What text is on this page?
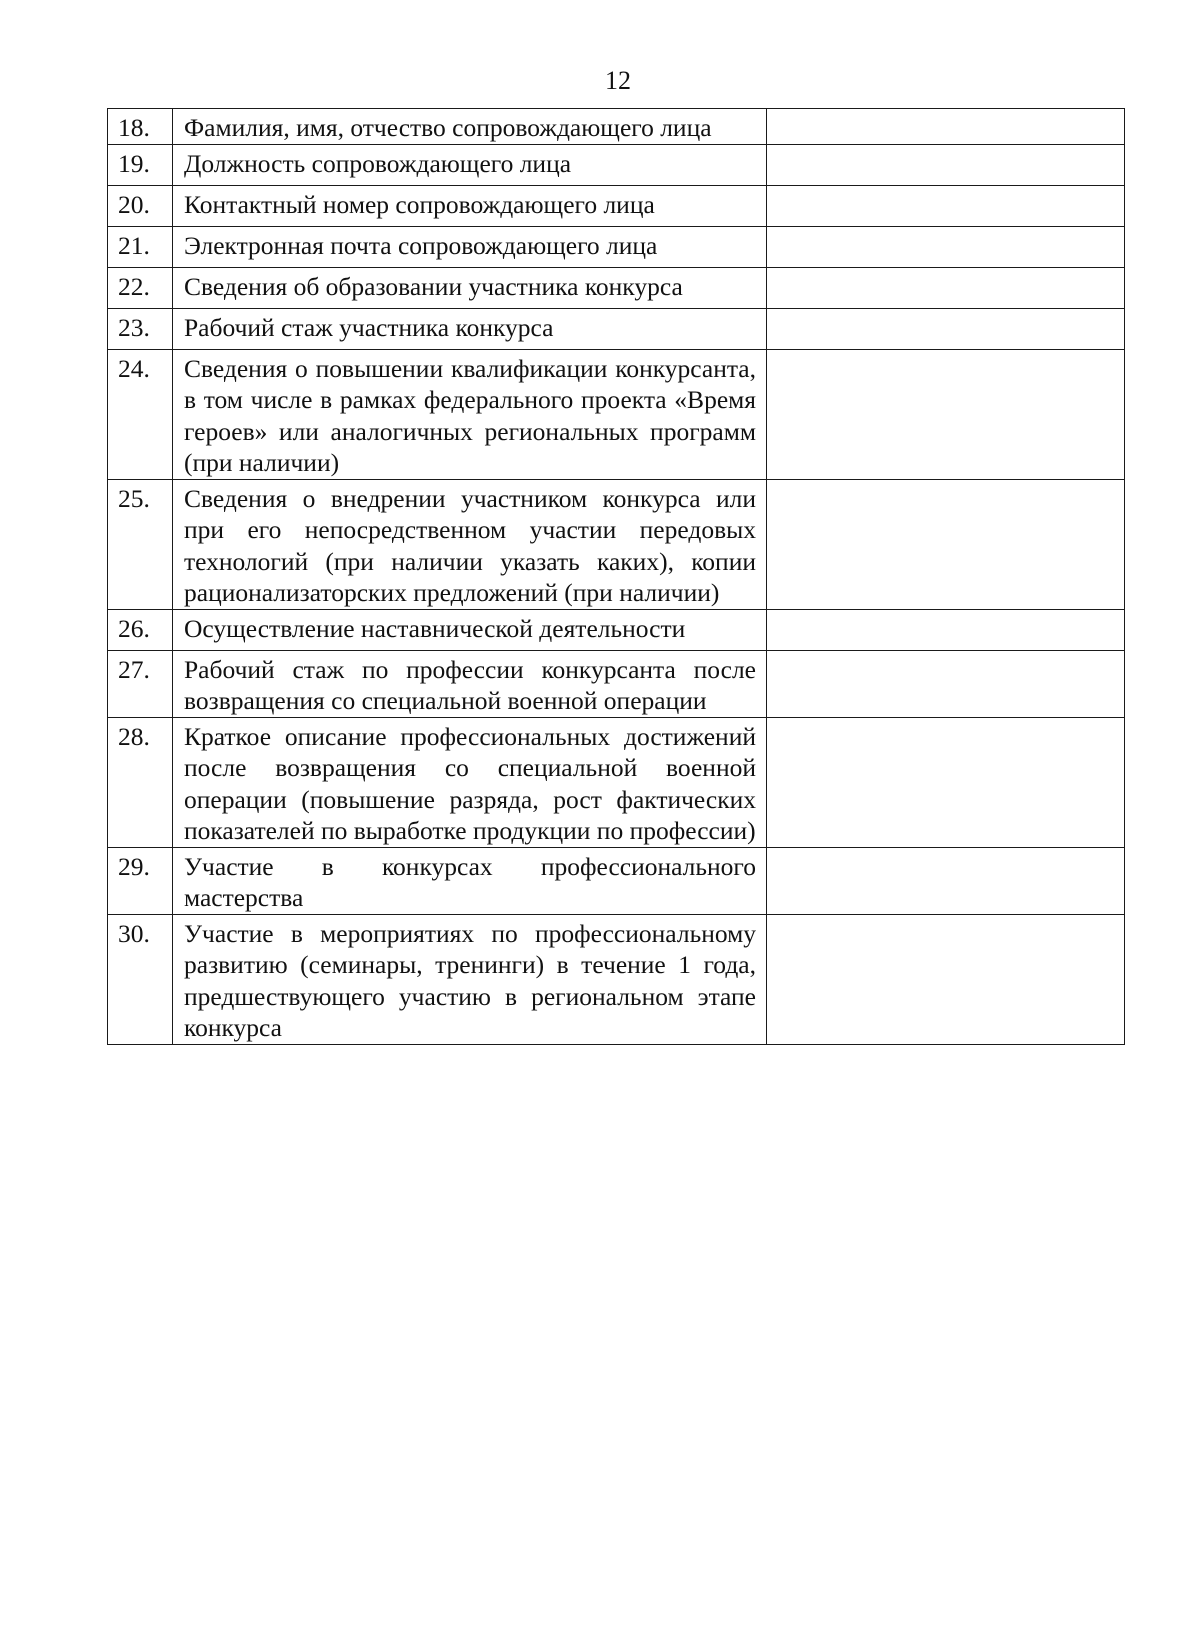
12
18.	Фамилия, имя, отчество сопровождающего лица	
19.	Должность сопровождающего лица	
20.	Контактный номер сопровождающего лица	
21.	Электронная почта сопровождающего лица	
22.	Сведения об образовании участника конкурса	
23.	Рабочий стаж участника конкурса	
24.	Сведения о повышении квалификации конкурсанта, в том числе в рамках федерального проекта «Время героев» или аналогичных региональных программ (при наличии)	
25.	Сведения о внедрении участником конкурса или при его непосредственном участии передовых технологий (при наличии указать каких), копии рационализаторских предложений (при наличии)	
26.	Осуществление наставнической деятельности	
27.	Рабочий стаж по профессии конкурсанта после возвращения со специальной военной операции	
28.	Краткое описание профессиональных достижений после возвращения со специальной военной операции (повышение разряда, рост фактических показателей по выработке продукции по профессии)	
29.	Участие в конкурсах профессионального мастерства	
30.	Участие в мероприятиях по профессиональному развитию (семинары, тренинги) в течение 1 года, предшествующего участию в региональном этапе конкурса	
